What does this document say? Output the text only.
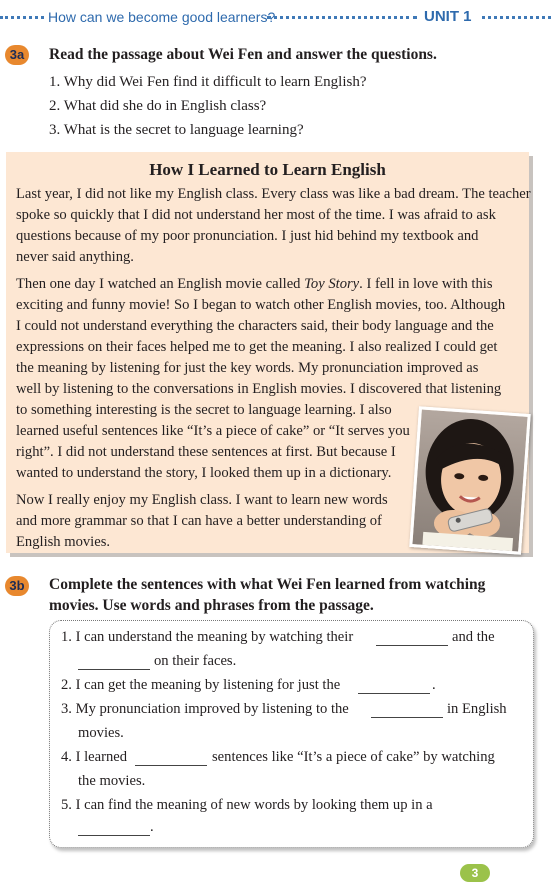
How can we become good learners?	UNIT 1
3a	Read the passage about Wei Fen and answer the questions.
1. Why did Wei Fen find it difficult to learn English?
2. What did she do in English class?
3. What is the secret to language learning?
How I Learned to Learn English
Last year, I did not like my English class. Every class was like a bad dream. The teacher
spoke so quickly that I did not understand her most of the time. I was afraid to ask
questions because of my poor pronunciation. I just hid behind my textbook and
never said anything.
Then one day I watched an English movie called Toy Story. I fell in love with this
exciting and funny movie! So I began to watch other English movies, too. Although
I could not understand everything the characters said, their body language and the
expressions on their faces helped me to get the meaning. I also realized I could get
the meaning by listening for just the key words. My pronunciation improved as
well by listening to the conversations in English movies. I discovered that listening
to something interesting is the secret to language learning. I also
learned useful sentences like “It’s a piece of cake” or “It serves you
right”. I did not understand these sentences at first. But because I
wanted to understand the story, I looked them up in a dictionary.
Now I really enjoy my English class. I want to learn new words
and more grammar so that I can have a better understanding of
English movies.
3b Complete the sentences with what Wei Fen learned from watching
movies. Use words and phrases from the passage.
1. I can understand the meaning by watching their	and the
on their faces.
2. I can get the meaning by listening for just the	.
3. My pronunciation improved by listening to the	in English
movies.
4. I learned	sentences like “It’s a piece of cake” by watching
the movies.
5. I can find the meaning of new words by looking them up in a
.
3
